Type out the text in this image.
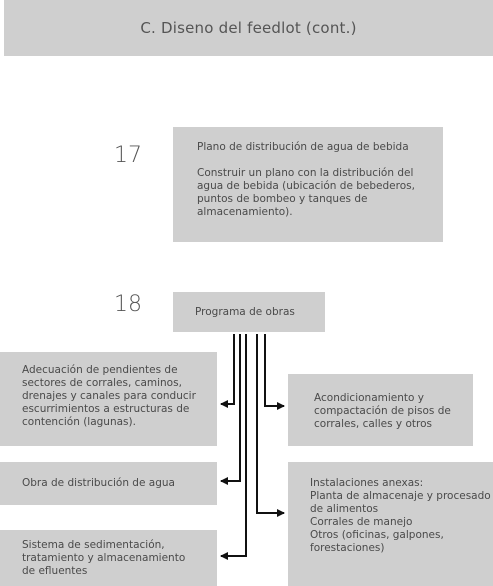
C. Diseno del feedlot (cont.)
17	Plano de distribución de agua de bebida
Construir un plano con la distribución del
agua de bebida (ubicación de bebederos,
puntos de bombeo y tanques de
almacenamiento).
18	Programa de obras
Adecuación de pendientes de
sectores de corrales, caminos,
drenajes y canales para conducir
escurrimientos a estructuras de
contención (lagunas).
Obra de distribución de agua
Sistema de sedimentación,
tratamiento y almacenamiento
de efluentes
Acondicionamiento y
compactación de pisos de
corrales, calles y otros
Instalaciones anexas:
Planta de almacenaje y procesado
de alimentos
Corrales de manejo
Otros (oficinas, galpones,
forestaciones)
